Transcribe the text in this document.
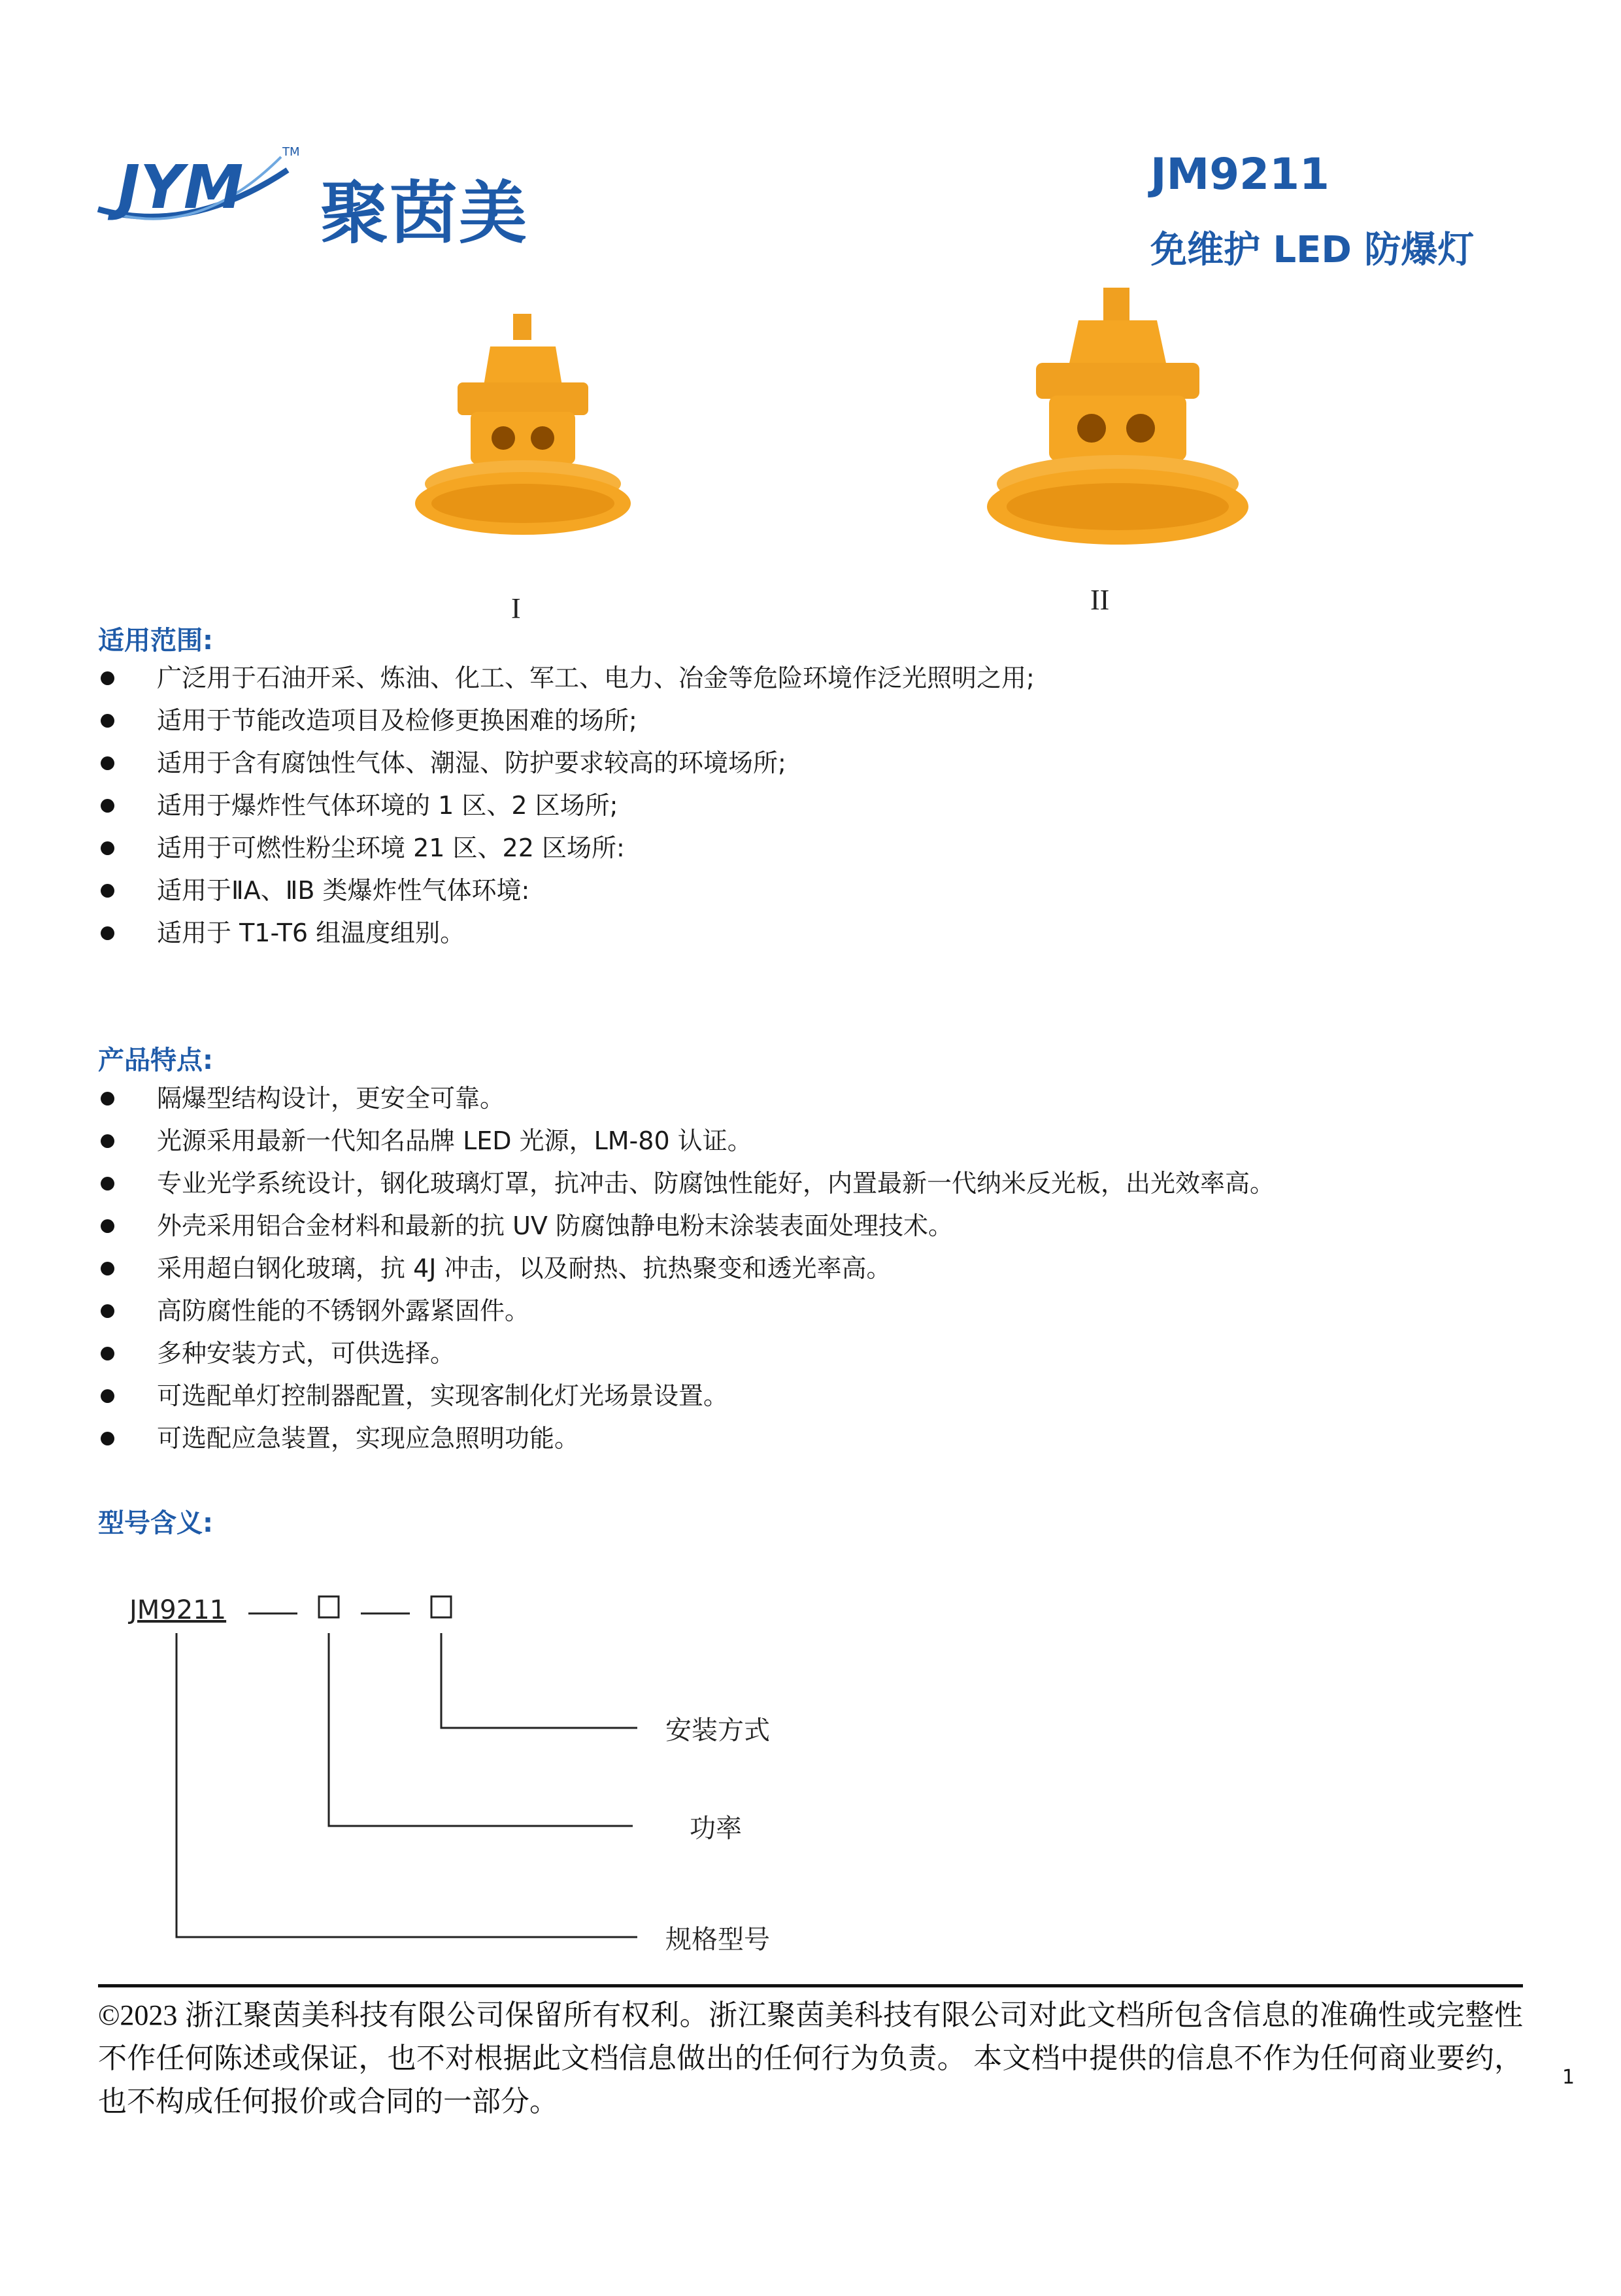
JYM
TM
聚茵美	JM9211
免维护 LED 防爆灯
I	II
适用范围:
广泛用于石油开采、炼油、化工、军工、电力、冶金等危险环境作泛光照明之用;
适用于节能改造项目及检修更换困难的场所;
适用于含有腐蚀性气体、潮湿、防护要求较高的环境场所;
适用于爆炸性气体环境的 1 区、2 区场所;
适用于可燃性粉尘环境 21 区、22 区场所:
适用于ⅡA、ⅡB 类爆炸性气体环境:
适用于 T1-T6 组温度组别。
产品特点:
隔爆型结构设计，更安全可靠。
光源采用最新一代知名品牌 LED 光源，LM-80 认证。
专业光学系统设计，钢化玻璃灯罩，抗冲击、防腐蚀性能好，内置最新一代纳米反光板，出光效率高。
外壳采用铝合金材料和最新的抗 UV 防腐蚀静电粉末涂装表面处理技术。
采用超白钢化玻璃，抗 4J 冲击，以及耐热、抗热聚变和透光率高。
高防腐性能的不锈钢外露紧固件。
多种安装方式，可供选择。
可选配单灯控制器配置，实现客制化灯光场景设置。
可选配应急装置，实现应急照明功能。
型号含义:
JM9211
安装方式
功率
规格型号
©2023 浙江聚茵美科技有限公司保留所有权利。浙江聚茵美科技有限公司对此文档所包含信息的准确性或完整性不作任何陈述或保证，也不对根据此文档信息做出的任何行为负责。 本文档中提供的信息不作为任何商业要约，也不构成任何报价或合同的一部分。
1
